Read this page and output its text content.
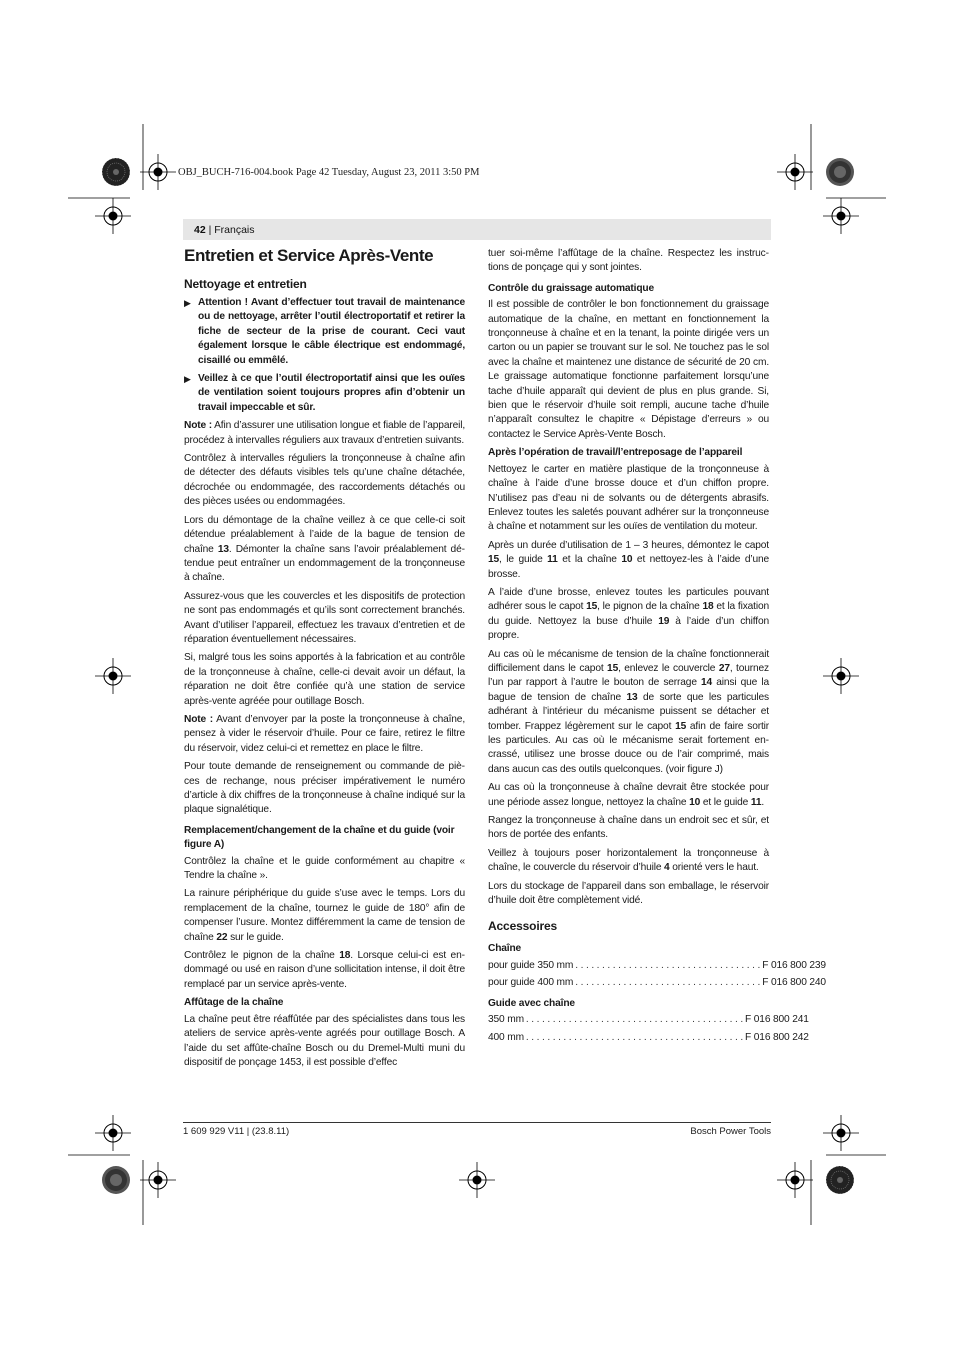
OBJ_BUCH-716-004.book Page 42 Tuesday, August 23, 2011 3:50 PM
42 | Français
Entretien et Service Après-Vente
Nettoyage et entretien
▶ Attention ! Avant d’effectuer tout travail de maintenance ou de nettoyage, arrêter l’outil électroportatif et retirer la fiche de secteur de la prise de courant. Ceci vaut également lorsque le câble électrique est endommagé, cisaillé ou emmêlé.
▶ Veillez à ce que l’outil électroportatif ainsi que les ouïes de ventilation soient toujours propres afin d’obtenir un travail impeccable et sûr.

Note : Afin d’assurer une utilisation longue et fiable de l’appareil, procédez à intervalles réguliers aux travaux d’entretien suivants.

Contrôlez à intervalles réguliers la tronçonneuse à chaîne afin de détecter des défauts visibles tels qu’une chaîne détachée, décrochée ou endommagée, des raccordements détachés ou des pièces usées ou endommagées.

Lors du démontage de la chaîne veillez à ce que celle-ci soit détendue préalablement à l’aide de la bague de tension de chaîne 13. Démonter la chaîne sans l’avoir préalablement détendue peut entraîner un endommagement de la tronçonneuse à chaîne.

Assurez-vous que les couvercles et les dispositifs de protection ne sont pas endommagés et qu’ils sont correctement branchés. Avant d’utiliser l’appareil, effectuez les travaux d’entretien et de réparation éventuellement nécessaires.

Si, malgré tous les soins apportés à la fabrication et au contrôle de la tronçonneuse à chaîne, celle-ci devait avoir un défaut, la réparation ne doit être confiée qu’à une station de service après-vente agréée pour outillage Bosch.

Note : Avant d’envoyer par la poste la tronçonneuse à chaîne, pensez à vider le réservoir d’huile. Pour ce faire, retirez le filtre du réservoir, videz celui-ci et remettez en place le filtre.

Pour toute demande de renseignement ou commande de pièces de rechange, nous préciser impérativement le numéro d’article à dix chiffres de la tronçonneuse à chaîne indiqué sur la plaque signalétique.

Remplacement/changement de la chaîne et du guide (voir figure A)

Contrôlez la chaîne et le guide conformément au chapitre « Tendre la chaîne ».

La rainure périphérique du guide s’use avec le temps. Lors du remplacement de la chaîne, tournez le guide de 180° afin de compenser l’usure. Montez différemment la came de tension de chaîne 22 sur le guide.

Contrôlez le pignon de la chaîne 18. Lorsque celui-ci est endommagé ou usé en raison d’une sollicitation intense, il doit être remplacé par un service après-vente.

Affûtage de la chaîne

La chaîne peut être réaffûtée par des spécialistes dans tous les ateliers de service après-vente agréés pour outillage Bosch. A l’aide du set affûte-chaîne Bosch ou du Dremel-Multi muni du dispositif de ponçage 1453, il est possible d’effec

tuer soi-même l’affûtage de la chaîne. Respectez les instructions de ponçage qui y sont jointes.

Contrôle du graissage automatique

Il est possible de contrôler le bon fonctionnement du graissage automatique de la chaîne, en mettant en fonctionnement la tronçonneuse à chaîne et en la tenant, la pointe dirigée vers un carton ou un papier se trouvant sur le sol. Ne touchez pas le sol avec la chaîne et maintenez une distance de sécurité de 20 cm. Le graissage automatique fonctionne parfaitement lorsqu’une tache d’huile apparaît qui devient de plus en plus grande. Si, bien que le réservoir d’huile soit rempli, aucune tache d’huile n’apparaît consultez le chapitre « Dépistage d’erreurs » ou contactez le Service Après-Vente Bosch.

Après l’opération de travail/l’entreposage de l’appareil

Nettoyez le carter en matière plastique de la tronçonneuse à chaîne à l’aide d’une brosse douce et d’un chiffon propre. N’utilisez pas d’eau ni de solvants ou de détergents abrasifs. Enlevez toutes les saletés pouvant adhérer sur la tronçonneuse à chaîne et notamment sur les ouïes de ventilation du moteur.

Après un durée d’utilisation de 1 – 3 heures, démontez le capot 15, le guide 11 et la chaîne 10 et nettoyez-les à l’aide d’une brosse.

A l’aide d’une brosse, enlevez toutes les particules pouvant adhérer sous le capot 15, le pignon de la chaîne 18 et la fixation du guide. Nettoyez la buse d’huile 19 à l’aide d’un chiffon propre.

Au cas où le mécanisme de tension de la chaîne fonctionnerait difficilement dans le capot 15, enlevez le couvercle 27, tournez l’un par rapport à l’autre le bouton de serrage 14 ainsi que la bague de tension de chaîne 13 de sorte que les particules adhérant à l’intérieur du mécanisme puissent se détacher et tomber. Frappez légèrement sur le capot 15 afin de faire sortir les particules. Au cas où le mécanisme serait fortement encrassé, utilisez une brosse douce ou de l’air comprimé, mais dans aucun cas des outils quelconques. (voir figure J)

Au cas où la tronçonneuse à chaîne devrait être stockée pour une période assez longue, nettoyez la chaîne 10 et le guide 11.

Rangez la tronçonneuse à chaîne dans un endroit sec et sûr, et hors de portée des enfants.

Veillez à toujours poser horizontalement la tronçonneuse à chaîne, le couvercle du réservoir d’huile 4 orienté vers le haut.

Lors du stockage de l’appareil dans son emballage, le réservoir d’huile doit être complètement vidé.

Accessoires
Chaîne
pour guide 350 mm . . . . . . . . . . . . . . . . . . . . . . . . . . . . . . . . . . . F 016 800 239
pour guide 400 mm . . . . . . . . . . . . . . . . . . . . . . . . . . . . . . . . . . . F 016 800 240
Guide avec chaîne
350 mm . . . . . . . . . . . . . . . . . . . . . . . . . . . . . . . . . . . . . . . . . F 016 800 241
400 mm . . . . . . . . . . . . . . . . . . . . . . . . . . . . . . . . . . . . . . . . . F 016 800 242
1 609 929 V11 | (23.8.11)	Bosch Power Tools
